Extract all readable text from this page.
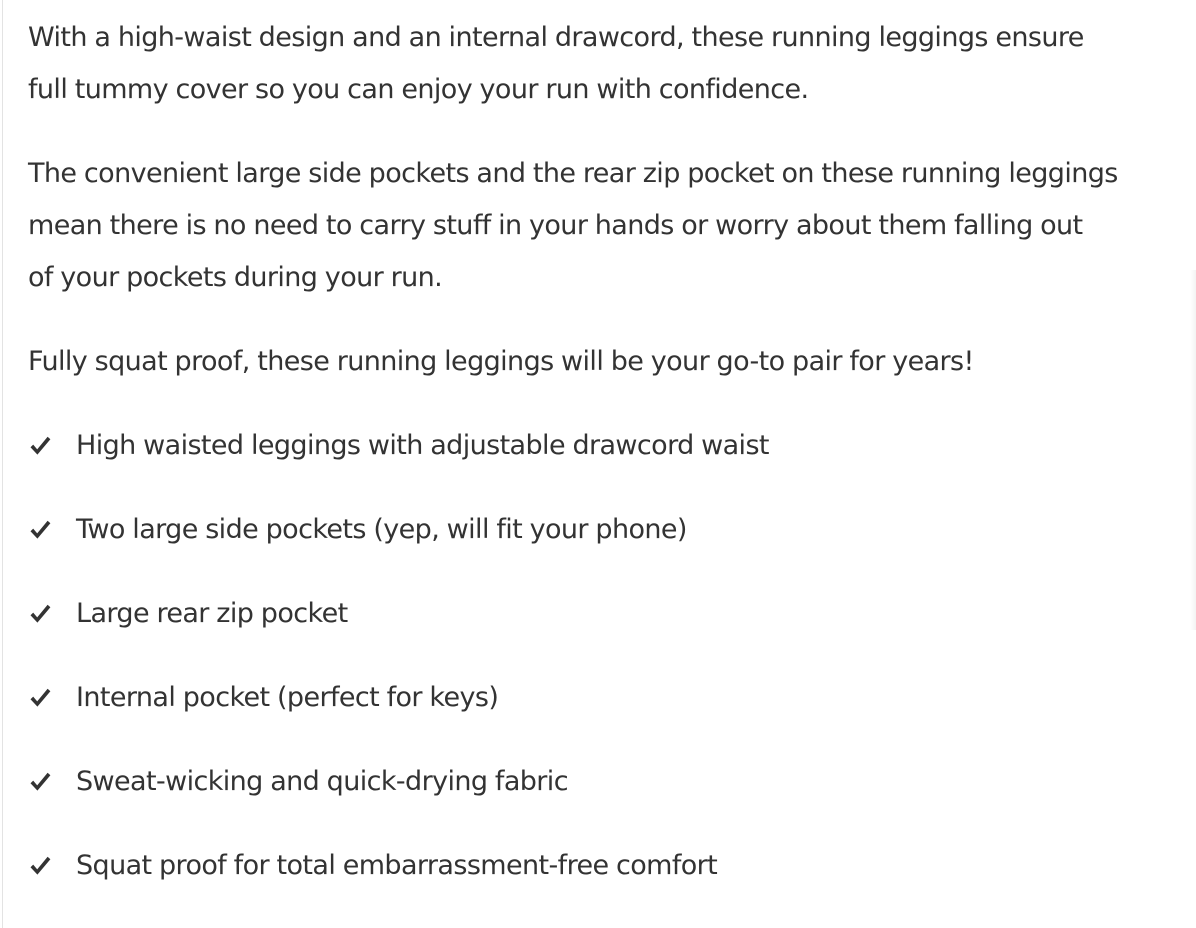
With a high-waist design and an internal drawcord, these running leggings ensure
full tummy cover so you can enjoy your run with confidence.

The convenient large side pockets and the rear zip pocket on these running leggings
mean there is no need to carry stuff in your hands or worry about them falling out
of your pockets during your run.

Fully squat proof, these running leggings will be your go-to pair for years!

High waisted leggings with adjustable drawcord waist
Two large side pockets (yep, will fit your phone)
Large rear zip pocket
Internal pocket (perfect for keys)
Sweat-wicking and quick-drying fabric
Squat proof for total embarrassment-free comfort
